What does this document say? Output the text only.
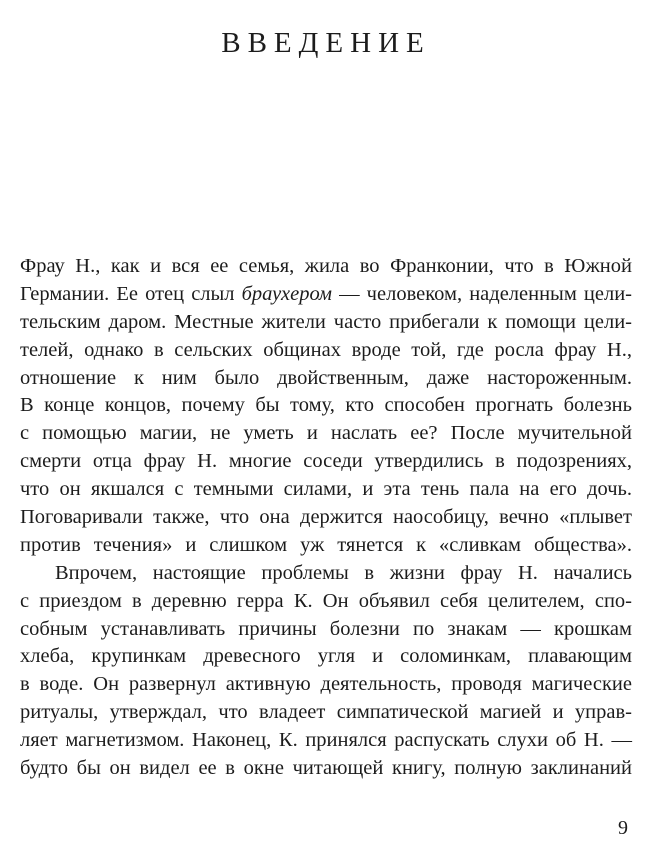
ВВЕДЕНИЕ
Фрау Н., как и вся ее семья, жила во Франконии, что в Южной
Германии. Ее отец слыл браухером — человеком, наделенным цели-
тельским даром. Местные жители часто прибегали к помощи цели-
телей, однако в сельских общинах вроде той, где росла фрау Н.,
отношение к ним было двойственным, даже настороженным.
В конце концов, почему бы тому, кто способен прогнать болезнь
с помощью магии, не уметь и наслать ее? После мучительной
смерти отца фрау Н. многие соседи утвердились в подозрениях,
что он якшался с темными силами, и эта тень пала на его дочь.
Поговаривали также, что она держится наособицу, вечно «плывет
против течения» и слишком уж тянется к «сливкам общества».
Впрочем, настоящие проблемы в жизни фрау Н. начались
с приездом в деревню герра К. Он объявил себя целителем, спо-
собным устанавливать причины болезни по знакам — крошкам
хлеба, крупинкам древесного угля и соломинкам, плавающим
в воде. Он развернул активную деятельность, проводя магические
ритуалы, утверждал, что владеет симпатической магией и управ-
ляет магнетизмом. Наконец, К. принялся распускать слухи об Н. —
будто бы он видел ее в окне читающей книгу, полную заклинаний
9
